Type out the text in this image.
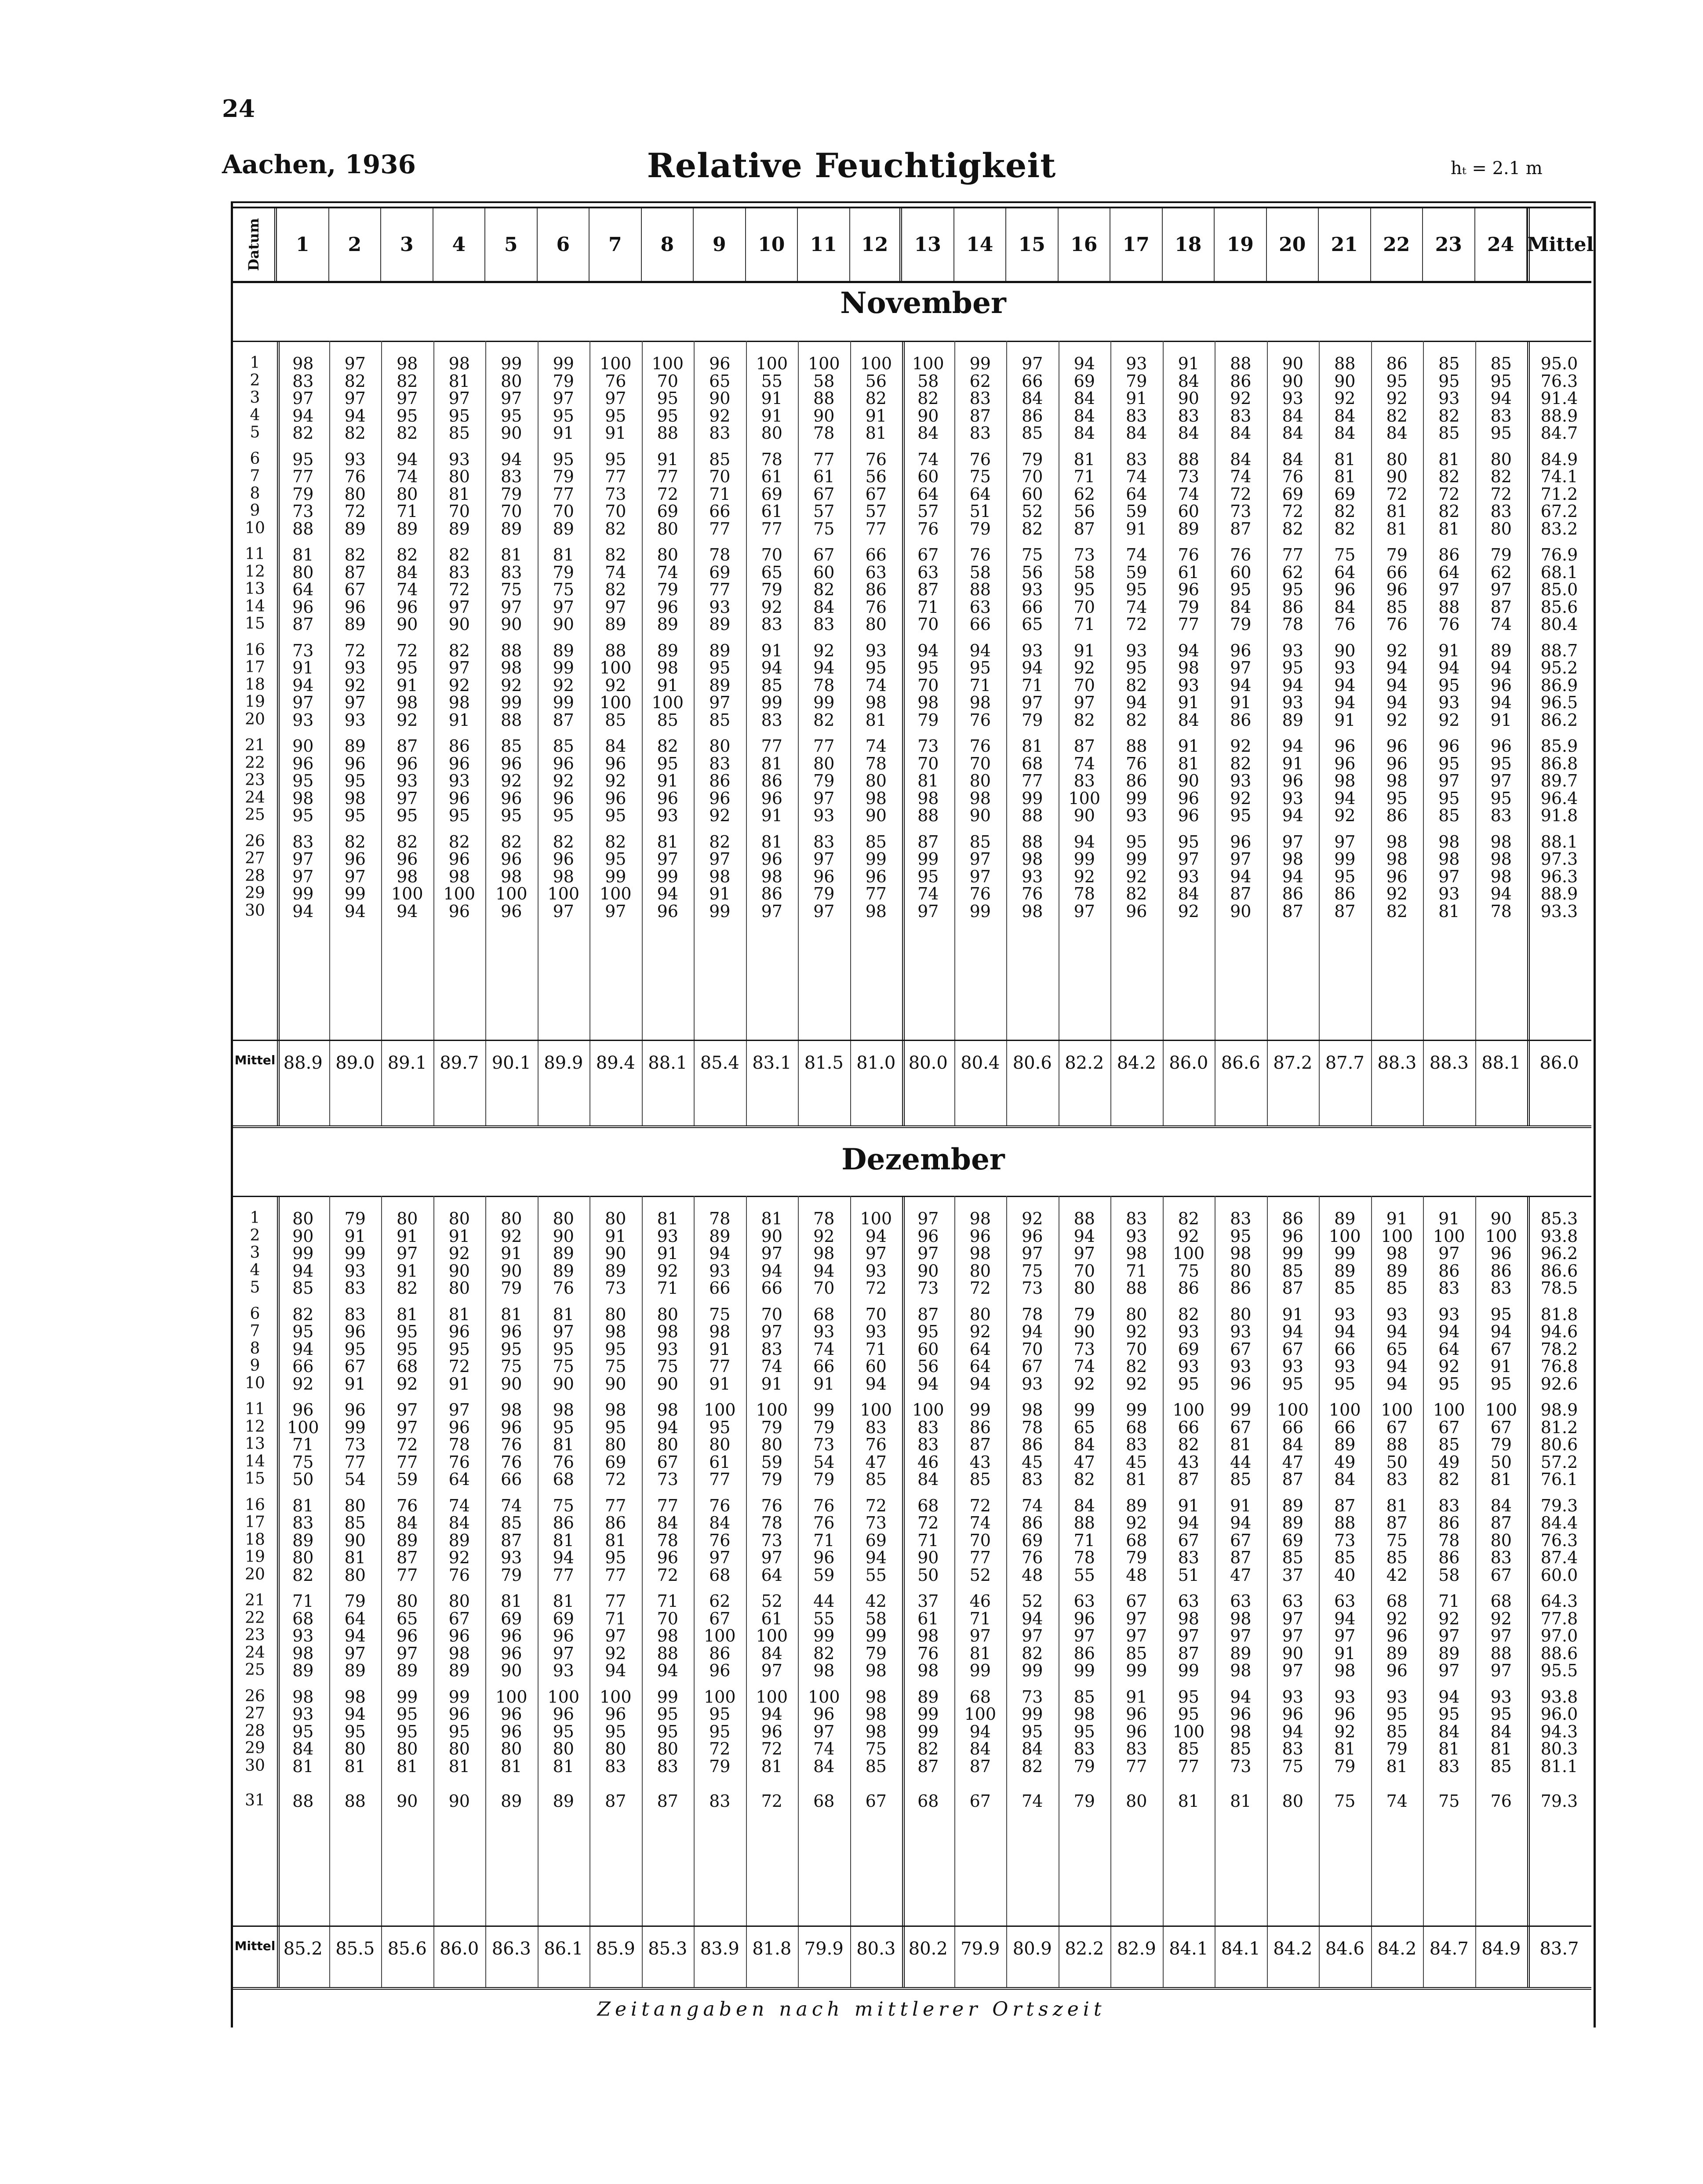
24
Aachen, 1936	Relative Feuchtigkeit	hₜ = 2.1 m
Datum	1	2	3	4	5	6	7	8	9	10	11	12	13	14	15	16	17	18	19	20	21	22	23	24 Mittel
November
1	98	97	98	98	99	99	100	100	96	100	100	100	100	99	97	94	93	91	88	90	88	86	85	85	95.0
2	83	82	82	81	80	79	76	70	65	55	58	56	58	62	66	69	79	84	86	90	90	95	95	95	76.3
3	97	97	97	97	97	97	97	95	90	91	88	82	82	83	84	84	91	90	92	93	92	92	93	94	91.4
4	94	94	95	95	95	95	95	95	92	91	90	91	90	87	86	84	83	83	83	84	84	82	82	83	88.9
5	82	82	82	85	90	91	91	88	83	80	78	81	84	83	85	84	84	84	84	84	84	84	85	95	84.7
6	95	93	94	93	94	95	95	91	85	78	77	76	74	76	79	81	83	88	84	84	81	80	81	80	84.9
7	77	76	74	80	83	79	77	77	70	61	61	56	60	75	70	71	74	73	74	76	81	90	82	82	74.1
8	79	80	80	81	79	77	73	72	71	69	67	67	64	64	60	62	64	74	72	69	69	72	72	72	71.2
9	73	72	71	70	70	70	70	69	66	61	57	57	57	51	52	56	59	60	73	72	82	81	82	83	67.2
10	88	89	89	89	89	89	82	80	77	77	75	77	76	79	82	87	91	89	87	82	82	81	81	80	83.2
11	81	82	82	82	81	81	82	80	78	70	67	66	67	76	75	73	74	76	76	77	75	79	86	79	76.9
12	80	87	84	83	83	79	74	74	69	65	60	63	63	58	56	58	59	61	60	62	64	66	64	62	68.1
13	64	67	74	72	75	75	82	79	77	79	82	86	87	88	93	95	95	96	95	95	96	96	97	97	85.0
14	96	96	96	97	97	97	97	96	93	92	84	76	71	63	66	70	74	79	84	86	84	85	88	87	85.6
15	87	89	90	90	90	90	89	89	89	83	83	80	70	66	65	71	72	77	79	78	76	76	76	74	80.4
16	73	72	72	82	88	89	88	89	89	91	92	93	94	94	93	91	93	94	96	93	90	92	91	89	88.7
17	91	93	95	97	98	99	100	98	95	94	94	95	95	95	94	92	95	98	97	95	93	94	94	94	95.2
18	94	92	91	92	92	92	92	91	89	85	78	74	70	71	71	70	82	93	94	94	94	94	95	96	86.9
19	97	97	98	98	99	99	100	100	97	99	99	98	98	98	97	97	94	91	91	93	94	94	93	94	96.5
20	93	93	92	91	88	87	85	85	85	83	82	81	79	76	79	82	82	84	86	89	91	92	92	91	86.2
21	90	89	87	86	85	85	84	82	80	77	77	74	73	76	81	87	88	91	92	94	96	96	96	96	85.9
22	96	96	96	96	96	96	96	95	83	81	80	78	70	70	68	74	76	81	82	91	96	96	95	95	86.8
23	95	95	93	93	92	92	92	91	86	86	79	80	81	80	77	83	86	90	93	96	98	98	97	97	89.7
24	98	98	97	96	96	96	96	96	96	96	97	98	98	98	99	100	99	96	92	93	94	95	95	95	96.4
25	95	95	95	95	95	95	95	93	92	91	93	90	88	90	88	90	93	96	95	94	92	86	85	83	91.8
26	83	82	82	82	82	82	82	81	82	81	83	85	87	85	88	94	95	95	96	97	97	98	98	98	88.1
27	97	96	96	96	96	96	95	97	97	96	97	99	99	97	98	99	99	97	97	98	99	98	98	98	97.3
28	97	97	98	98	98	98	99	99	98	98	96	96	95	97	93	92	92	93	94	94	95	96	97	98	96.3
29	99	99	100	100	100	100	100	94	91	86	79	77	74	76	76	78	82	84	87	86	86	92	93	94	88.9
30	94	94	94	96	96	97	97	96	99	97	97	98	97	99	98	97	96	92	90	87	87	82	81	78	93.3
Mittel 88.9 89.0 89.1 89.7 90.1 89.9 89.4 88.1 85.4 83.1 81.5 81.0 80.0 80.4 80.6 82.2 84.2 86.0 86.6 87.2 87.7 88.3 88.3 88.1	86.0
Dezember
1	80	79	80	80	80	80	80	81	78	81	78	100	97	98	92	88	83	82	83	86	89	91	91	90	85.3
2	90	91	91	91	92	90	91	93	89	90	92	94	96	96	96	94	93	92	95	96	100	100	100	100	93.8
3	99	99	97	92	91	89	90	91	94	97	98	97	97	98	97	97	98	100	98	99	99	98	97	96	96.2
4	94	93	91	90	90	89	89	92	93	94	94	93	90	80	75	70	71	75	80	85	89	89	86	86	86.6
5	85	83	82	80	79	76	73	71	66	66	70	72	73	72	73	80	88	86	86	87	85	85	83	83	78.5
6	82	83	81	81	81	81	80	80	75	70	68	70	87	80	78	79	80	82	80	91	93	93	93	95	81.8
7	95	96	95	96	96	97	98	98	98	97	93	93	95	92	94	90	92	93	93	94	94	94	94	94	94.6
8	94	95	95	95	95	95	95	93	91	83	74	71	60	64	70	73	70	69	67	67	66	65	64	67	78.2
9	66	67	68	72	75	75	75	75	77	74	66	60	56	64	67	74	82	93	93	93	93	94	92	91	76.8
10	92	91	92	91	90	90	90	90	91	91	91	94	94	94	93	92	92	95	96	95	95	94	95	95	92.6
11	96	96	97	97	98	98	98	98	100	100	99	100	100	99	98	99	99	100	99	100	100	100	100	100	98.9
12	100	99	97	96	96	95	95	94	95	79	79	83	83	86	78	65	68	66	67	66	66	67	67	67	81.2
13	71	73	72	78	76	81	80	80	80	80	73	76	83	87	86	84	83	82	81	84	89	88	85	79	80.6
14	75	77	77	76	76	76	69	67	61	59	54	47	46	43	45	47	45	43	44	47	49	50	49	50	57.2
15	50	54	59	64	66	68	72	73	77	79	79	85	84	85	83	82	81	87	85	87	84	83	82	81	76.1
16	81	80	76	74	74	75	77	77	76	76	76	72	68	72	74	84	89	91	91	89	87	81	83	84	79.3
17	83	85	84	84	85	86	86	84	84	78	76	73	72	74	86	88	92	94	94	89	88	87	86	87	84.4
18	89	90	89	89	87	81	81	78	76	73	71	69	71	70	69	71	68	67	67	69	73	75	78	80	76.3
19	80	81	87	92	93	94	95	96	97	97	96	94	90	77	76	78	79	83	87	85	85	85	86	83	87.4
20	82	80	77	76	79	77	77	72	68	64	59	55	50	52	48	55	48	51	47	37	40	42	58	67	60.0
21	71	79	80	80	81	81	77	71	62	52	44	42	37	46	52	63	67	63	63	63	63	68	71	68	64.3
22	68	64	65	67	69	69	71	70	67	61	55	58	61	71	94	96	97	98	98	97	94	92	92	92	77.8
23	93	94	96	96	96	96	97	98	100	100	99	99	98	97	97	97	97	97	97	97	97	96	97	97	97.0
24	98	97	97	98	96	97	92	88	86	84	82	79	76	81	82	86	85	87	89	90	91	89	89	88	88.6
25	89	89	89	89	90	93	94	94	96	97	98	98	98	99	99	99	99	99	98	97	98	96	97	97	95.5
26	98	98	99	99	100	100	100	99	100	100	100	98	89	68	73	85	91	95	94	93	93	93	94	93	93.8
27	93	94	95	96	96	96	96	95	95	94	96	98	99	100	99	98	96	95	96	96	96	95	95	95	96.0
28	95	95	95	95	96	95	95	95	95	96	97	98	99	94	95	95	96	100	98	94	92	85	84	84	94.3
29	84	80	80	80	80	80	80	80	72	72	74	75	82	84	84	83	83	85	85	83	81	79	81	81	80.3
30	81	81	81	81	81	81	83	83	79	81	84	85	87	87	82	79	77	77	73	75	79	81	83	85	81.1
31	88	88	90	90	89	89	87	87	83	72	68	67	68	67	74	79	80	81	81	80	75	74	75	76	79.3
Mittel 85.2 85.5 85.6 86.0 86.3 86.1 85.9 85.3 83.9 81.8 79.9 80.3 80.2 79.9 80.9 82.2 82.9 84.1 84.1 84.2 84.6 84.2 84.7 84.9	83.7
Zeitangaben nach mittlerer Ortszeit
